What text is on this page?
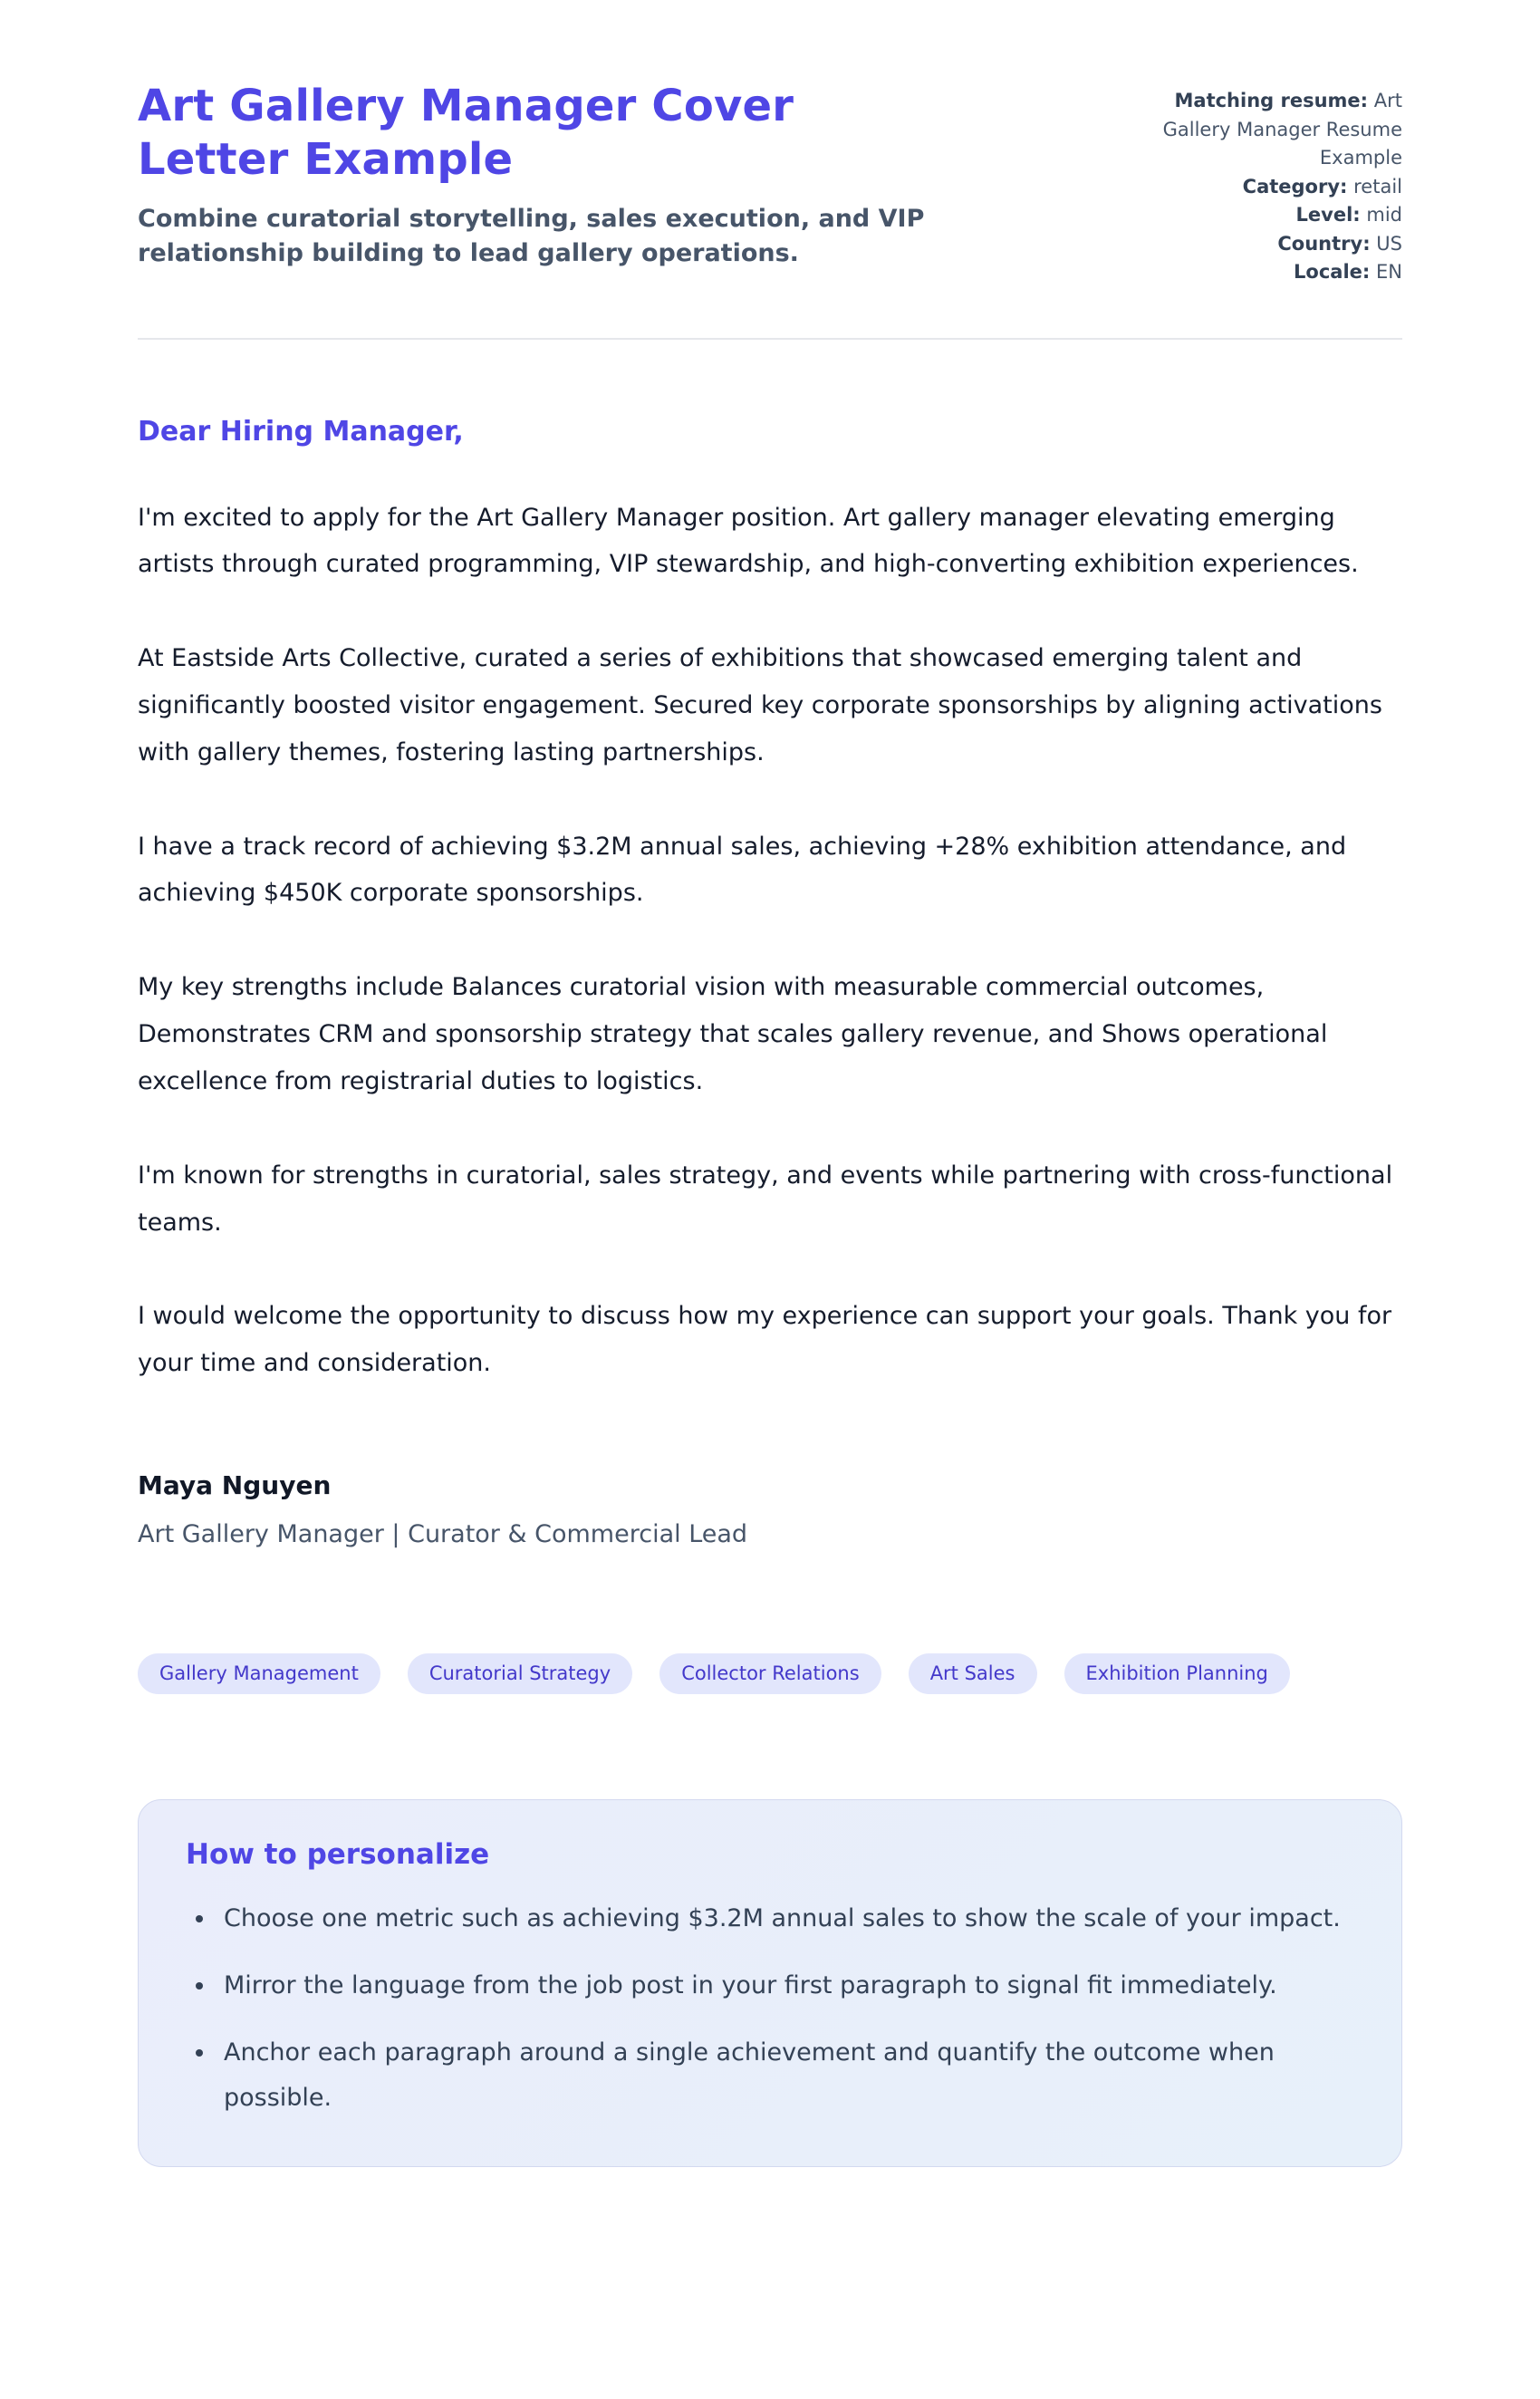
Art Gallery Manager Cover Letter Example

Combine curatorial storytelling, sales execution, and VIP relationship building to lead gallery operations.

Matching resume: Art Gallery Manager Resume Example
Category: retail
Level: mid
Country: US
Locale: EN

Dear Hiring Manager,

I'm excited to apply for the Art Gallery Manager position. Art gallery manager elevating emerging artists through curated programming, VIP stewardship, and high-converting exhibition experiences.

At Eastside Arts Collective, curated a series of exhibitions that showcased emerging talent and significantly boosted visitor engagement. Secured key corporate sponsorships by aligning activations with gallery themes, fostering lasting partnerships.

I have a track record of achieving $3.2M annual sales, achieving +28% exhibition attendance, and achieving $450K corporate sponsorships.

My key strengths include Balances curatorial vision with measurable commercial outcomes, Demonstrates CRM and sponsorship strategy that scales gallery revenue, and Shows operational excellence from registrarial duties to logistics.

I'm known for strengths in curatorial, sales strategy, and events while partnering with cross-functional teams.

I would welcome the opportunity to discuss how my experience can support your goals. Thank you for your time and consideration.

Maya Nguyen

Art Gallery Manager | Curator & Commercial Lead

Gallery Management	Curatorial Strategy	Collector Relations	Art Sales	Exhibition Planning
How to personalize
• Choose one metric such as achieving $3.2M annual sales to show the scale of your impact.
• Mirror the language from the job post in your first paragraph to signal fit immediately.
• Anchor each paragraph around a single achievement and quantify the outcome when possible.
